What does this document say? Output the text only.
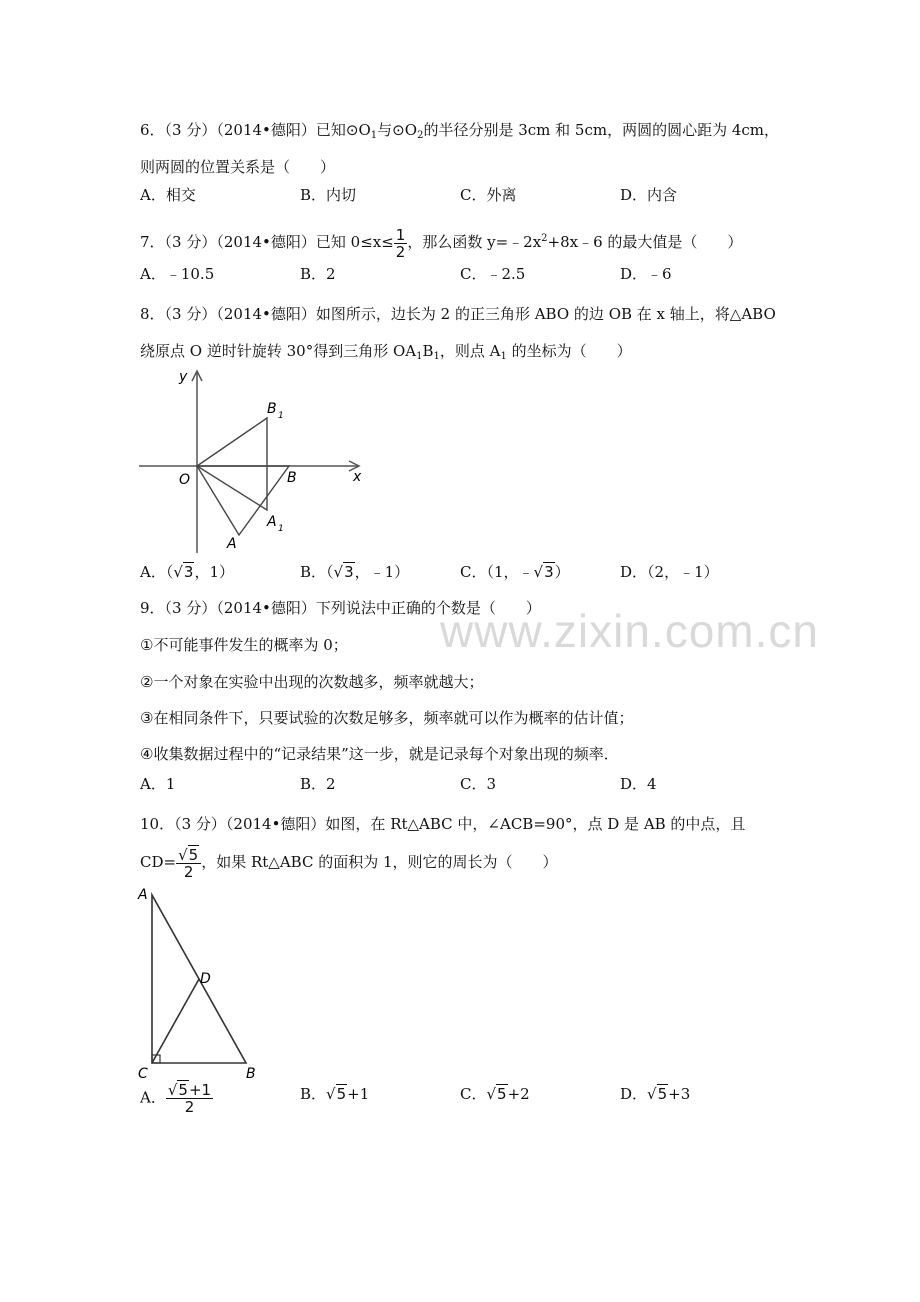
www.zixin.com.cn
6．（3 分）（2014•德阳）已知$⊙O_1$与$⊙O_2$的半径分别是 3cm 和 5cm，两圆的圆心距为 4cm，
则两圆的位置关系是（　　）
A．相交	B．内切	C．外离	D．内含
7．（3 分）（2014•德阳）已知 $0\le x\le \frac{1}{2}$ ，那么函数 $y=﹣2x^2+8x﹣6$ 的最大值是（　　）
A．﹣10.5	B．2	C．﹣2.5	D．﹣6
8．（3 分）（2014•德阳）如图所示，边长为 2 的正三角形 ABO 的边 OB 在 x 轴上，将△ABO
绕原点 O 逆时针旋转 30°得到三角形 $OA_1B_1$，则点 $A_1$ 的坐标为（　　）
y
x
O	B
A
B 1
A 1
A．（√3，1）	B．（√3，﹣1）	C．（1，﹣√3）	D．（2，﹣1）
9．（3 分）（2014•德阳）下列说法中正确的个数是（　　）
①不可能事件发生的概率为 0；
②一个对象在实验中出现的次数越多，频率就越大；
③在相同条件下，只要试验的次数足够多，频率就可以作为概率的估计值；
④收集数据过程中的“记录结果”这一步，就是记录每个对象出现的频率．
A．1	B．2	C．3	D．4
10．（3 分）（2014•德阳）如图，在 Rt△ABC 中，∠ACB=90°，点 D 是 AB 的中点，且
$CD= \frac{√5}{2}$ ，如果 Rt△ABC 的面积为 1，则它的周长为（　　）
A
D
C	B
A． $\frac{√5+1}{2}$	B．√5+1	C．√5+2	D．√5+3
